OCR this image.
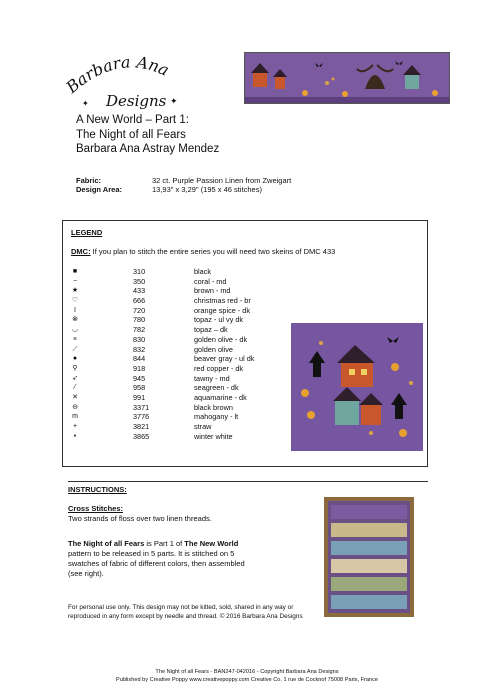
Barbara Ana
Designs ✦
✦
A New World – Part 1:
The Night of all Fears
Barbara Ana Astray Mendez
Fabric:	32 ct. Purple Passion Linen from Zweigart
Design Area:	13,93" x 3,29" (195 x 46 stitches)
LEGEND
DMC: If you plan to stitch the entire series you will need two skeins of DMC 433
■	310	black
−	350	coral - md
★	433	brown - md
♡	666	christmas red - br
I	720	orange spice - dk
⊗	780	topaz - ul vy dk
◡	782	topaz – dk
×	830	golden olive - dk
⟋	832	golden olive
●	844	beaver gray - ul dk
⚲	918	red copper - dk
➶	945	tawny - md
⁄	958	seagreen - dk
✕	991	aquamarine - dk
⊖	3371	black brown
m	3776	mahogany - lt
+	3821	straw
•	3865	winter white
INSTRUCTIONS:
Cross Stitches:
Two strands of floss over two linen threads.
The Night of all Fears is Part 1 of The New World pattern to be released in 5 parts. It is stitched on 5 swatches of fabric of different colors, then assembled (see right).
For personal use only. This design may not be kitted, sold, shared in any way or reproduced in any form except by needle and thread. © 2016 Barbara Ana Designs
The Night of all Fears - BAN247-042016 - Copyright Barbara Ana Designs
Published by Creative Poppy www.creativepoppy.com Creative Co. 1 rue de Cocknof 75008 Paris, France
